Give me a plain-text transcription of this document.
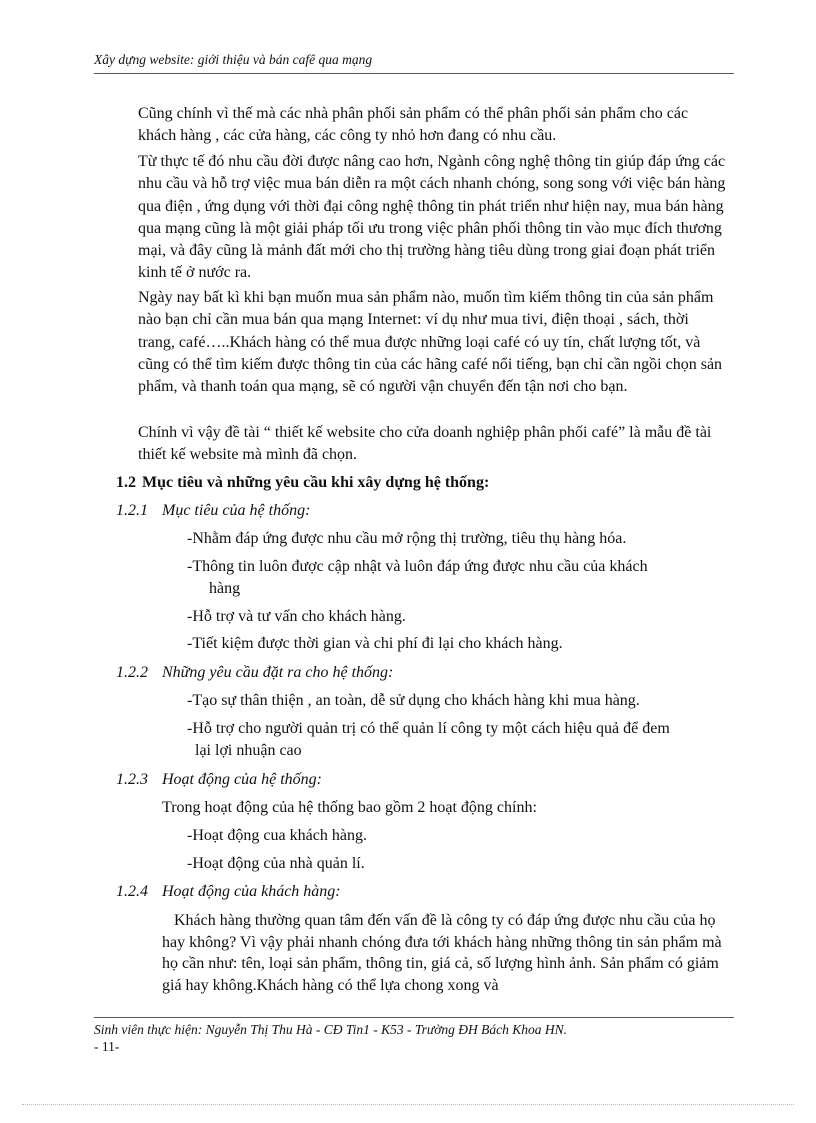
Xây dựng website: giới thiệu và bán cafê qua mạng

Cũng chính vì thế mà các nhà phân phối sản phẩm có thể phân phối sản phẩm cho các khách hàng , các cửa hàng, các công ty nhỏ hơn đang có nhu cầu.

Từ thực tế đó nhu cầu đời được nâng cao hơn, Ngành công nghệ thông tin giúp đáp ứng các nhu cầu và hỗ trợ việc mua bán diễn ra một cách nhanh chóng, song song với việc bán hàng qua điện , ứng dụng với thời đại công nghệ thông tin phát triển như hiện nay, mua bán hàng qua mạng cũng là một giải pháp tối ưu trong việc phân phối thông tin vào mục đích thương mại, và đây cũng là mảnh đất mới cho thị trường hàng tiêu dùng trong giai đoạn phát triển kinh tế ở nước ra.

Ngày nay bất kì khi bạn muốn mua sản phẩm nào, muốn tìm kiếm thông tin của sản phẩm nào bạn chỉ cần mua bán qua mạng Internet: ví dụ như mua tivi, điện thoại , sách, thời trang, café…..Khách hàng có thể mua được những loại café có uy tín, chất lượng tốt, và cũng có thể tìm kiếm được thông tin của các hãng café nổi tiếng, bạn chỉ cần ngồi chọn sản phẩm, và thanh toán qua mạng, sẽ có người vận chuyển đến tận nơi cho bạn.

Chính vì vậy đề tài “ thiết kế website cho cửa doanh nghiệp phân phối café” là mẫu đề tài thiết kế website mà mình đã chọn.

1.2 Mục tiêu và những yêu cầu khi xây dựng hệ thống:
1.2.1 Mục tiêu của hệ thống:
-Nhằm đáp ứng được nhu cầu mở rộng thị trường, tiêu thụ hàng hóa.
-Thông tin luôn được cập nhật và luôn đáp ứng được nhu cầu của khách
hàng
-Hỗ trợ và tư vấn cho khách hàng.
-Tiết kiệm được thời gian và chi phí đi lại cho khách hàng.
1.2.2 Những yêu cầu đặt ra cho hệ thống:
-Tạo sự thân thiện , an toàn, dễ sử dụng cho khách hàng khi mua hàng.
-Hỗ trợ cho người quản trị có thể quản lí công ty một cách hiệu quả để đem
lại lợi nhuận cao
1.2.3 Hoạt động của hệ thống:
Trong hoạt động của hệ thống bao gồm 2 hoạt động chính:
-Hoạt động cua khách hàng.
-Hoạt động của nhà quản lí.
1.2.4 Hoạt động của khách hàng:

Khách hàng thường quan tâm đến vấn đề là công ty có đáp ứng được nhu cầu của họ hay không? Vì vậy phải nhanh chóng đưa tới khách hàng những thông tin sản phẩm mà họ cần như: tên, loại sản phẩm, thông tin, giá cả, số lượng hình ảnh. Sản phẩm có giảm giá hay không.Khách hàng có thể lựa chong xong và

Sinh viên thực hiện: Nguyễn Thị Thu Hà - CĐ Tin1 - K53 - Trường ĐH Bách Khoa HN.
- 11-
